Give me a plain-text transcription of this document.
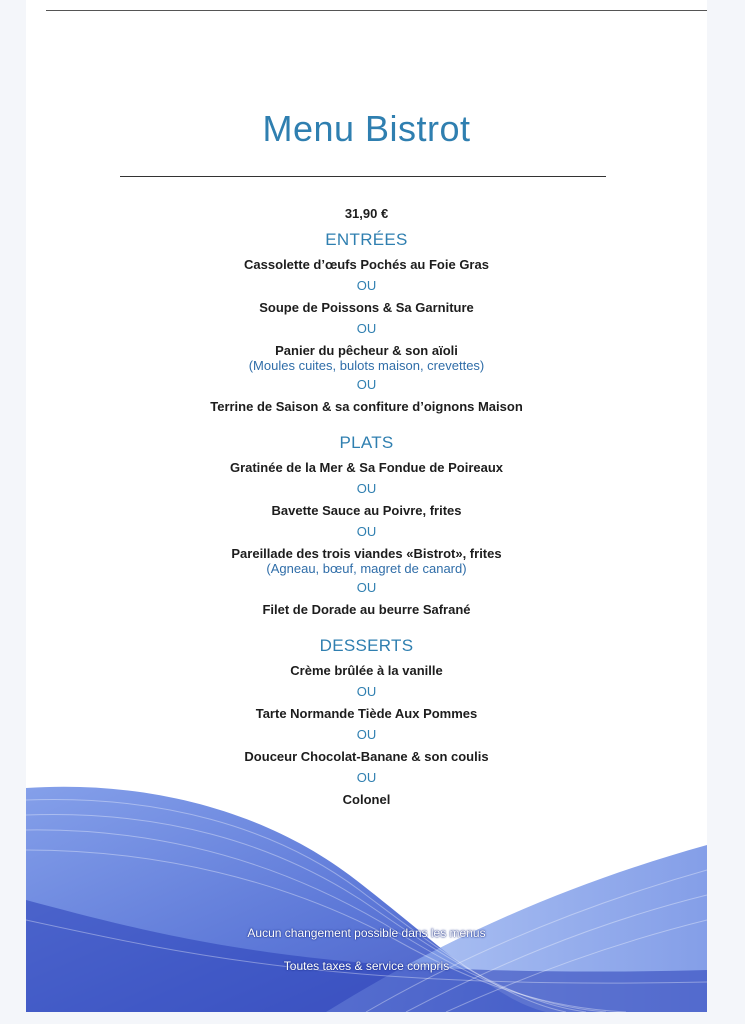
Menu Bistrot
31,90 €
ENTRÉES
Cassolette d’œufs Pochés au Foie Gras
OU
Soupe de Poissons & Sa Garniture
OU
Panier du pêcheur & son aïoli
(Moules cuites, bulots maison, crevettes)
OU
Terrine de Saison & sa confiture d’oignons Maison
PLATS
Gratinée de la Mer & Sa Fondue de Poireaux
OU
Bavette Sauce au Poivre, frites
OU
Pareillade des trois viandes «Bistrot», frites
(Agneau, bœuf, magret de canard)
OU
Filet de Dorade au beurre Safrané
DESSERTS
Crème brûlée à la vanille
OU
Tarte Normande Tiède Aux Pommes
OU
Douceur Chocolat-Banane & son coulis
OU
Colonel
Aucun changement possible dans les menus
Toutes taxes & service compris
